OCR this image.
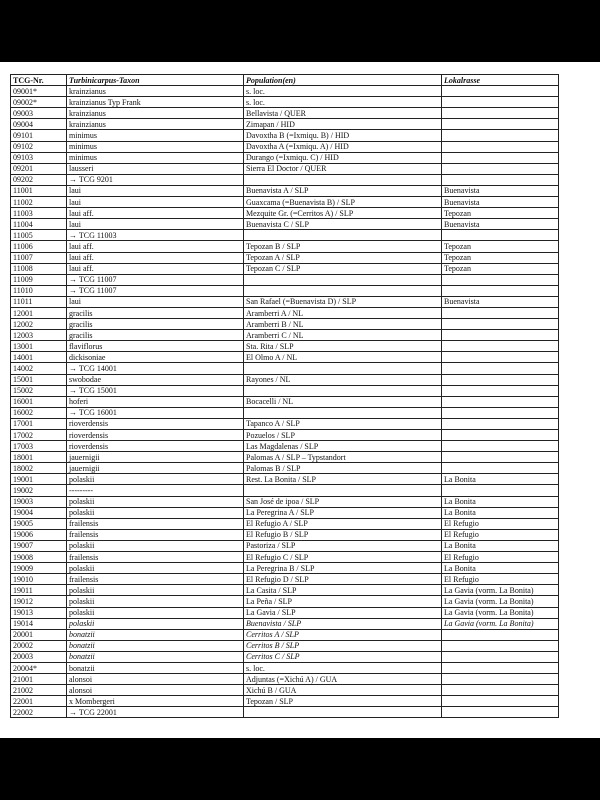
TCG-Nr.	Turbinicarpus-Taxon	Population(en)	Lokalrasse
09001*	krainzianus	s. loc.	
09002*	krainzianus Typ Frank	s. loc.	
09003	krainzianus	Bellavista / QUER	
09004	krainzianus	Zimapan / HID	
09101	minimus	Davoxtha B (=Ixmiqu. B) / HID	
09102	minimus	Davoxtha A (=Ixmiqu. A) / HID	
09103	minimus	Durango (=Ixmiqu. C) / HID	
09201	lausseri	Sierra El Doctor / QUER	
09202	→ TCG 9201		
11001	laui	Buenavista A / SLP	Buenavista
11002	laui	Guaxcama (=Buenavista B) / SLP	Buenavista
11003	laui aff.	Mezquite Gr. (=Cerritos A) / SLP	Tepozan
11004	laui	Buenavista C / SLP	Buenavista
11005	→ TCG 11003		
11006	laui aff.	Tepozan B / SLP	Tepozan
11007	laui aff.	Tepozan A / SLP	Tepozan
11008	laui aff.	Tepozan C / SLP	Tepozan
11009	→ TCG 11007		
11010	→ TCG 11007		
11011	laui	San Rafael (=Buenavista D) / SLP	Buenavista
12001	gracilis	Aramberri A / NL	
12002	gracilis	Aramberri B / NL	
12003	gracilis	Aramberri C / NL	
13001	flaviflorus	Sta. Rita / SLP	
14001	dickisoniae	El Olmo A / NL	
14002	→ TCG 14001		
15001	swobodae	Rayones / NL	
15002	→ TCG 15001		
16001	hoferi	Bocacelli / NL	
16002	→ TCG 16001		
17001	rioverdensis	Tapanco A / SLP	
17002	rioverdensis	Pozuelos / SLP	
17003	rioverdensis	Las Magdalenas / SLP	
18001	jauernigii	Palomas A / SLP – Typstandort	
18002	jauernigii	Palomas B / SLP	
19001	polaskii	Rest. La Bonita / SLP	La Bonita
19002	---------		
19003	polaskii	San José de ipoa / SLP	La Bonita
19004	polaskii	La Peregrina A / SLP	La Bonita
19005	frailensis	El Refugio A / SLP	El Refugio
19006	frailensis	El Refugio B / SLP	El Refugio
19007	polaskii	Pastoriza / SLP	La Bonita
19008	frailensis	El Refugio C / SLP	El Refugio
19009	polaskii	La Peregrina B / SLP	La Bonita
19010	frailensis	El Refugio D / SLP	El Refugio
19011	polaskii	La Casita / SLP	La Gavia (vorm. La Bonita)
19012	polaskii	La Peña / SLP	La Gavia (vorm. La Bonita)
19013	polaskii	La Gavia / SLP	La Gavia (vorm. La Bonita)
19014	polaskii	Buenavista / SLP	La Gavia (vorm. La Bonita)
20001	bonatzii	Cerritos A / SLP	
20002	bonatzii	Cerritos B / SLP	
20003	bonatzii	Cerritos C / SLP	
20004*	bonatzii	s. loc.	
21001	alonsoi	Adjuntas (=Xichú A) / GUA	
21002	alonsoi	Xichú B / GUA	
22001	x Mombergeri	Tepozan / SLP	
22002	→ TCG 22001		
